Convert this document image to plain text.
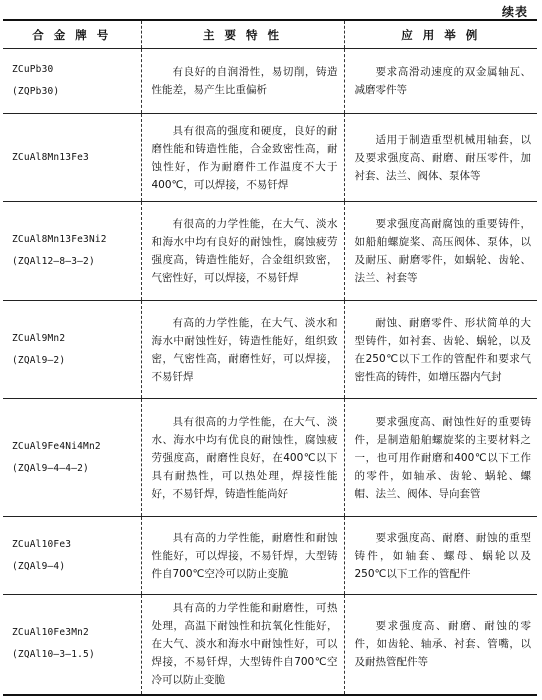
续表
合 金 牌 号	主 要 特 性	应 用 举 例

ZCuPb30
(ZQPb30)	有良好的自润滑性，易切削，铸造性能差，易产生比重偏析	要求高滑动速度的双金属轴瓦、减磨零件等

ZCuAl8Mn13Fe3	具有很高的强度和硬度，良好的耐磨性能和铸造性能，合金致密性高，耐蚀性好，作为耐磨件工作温度不大于400℃，可以焊接，不易钎焊	适用于制造重型机械用轴套，以及要求强度高、耐磨、耐压零件，加衬套、法兰、阀体、泵体等

ZCuAl8Mn13Fe3Ni2
(ZQAl12—8—3—2)	有很高的力学性能，在大气、淡水和海水中均有良好的耐蚀性，腐蚀疲劳强度高，铸造性能好，合金组织致密，气密性好，可以焊接，不易钎焊	要求强度高耐腐蚀的重要铸件，如船舶螺旋桨、高压阀体、泵体，以及耐压、耐磨零件，如蜗轮、齿轮、法兰、衬套等

ZCuAl9Mn2
(ZQAl9—2)	有高的力学性能，在大气、淡水和海水中耐蚀性好，铸造性能好，组织致密，气密性高，耐磨性好，可以焊接，不易钎焊	耐蚀、耐磨零件、形状简单的大型铸件，如衬套、齿轮、蜗轮，以及在250℃以下工作的管配件和要求气密性高的铸件，如增压器内气封

ZCuAl9Fe4Ni4Mn2
(ZQAl9—4—4—2)	具有很高的力学性能，在大气、淡水、海水中均有优良的耐蚀性，腐蚀疲劳强度高，耐磨性良好，在400℃以下具有耐热性，可以热处理，焊接性能好，不易钎焊，铸造性能尚好	要求强度高、耐蚀性好的重要铸件，是制造船舶螺旋桨的主要材料之一，也可用作耐磨和400℃以下工作的零件，如轴承、齿轮、蜗轮、螺帽、法兰、阀体、导向套管

ZCuAl10Fe3
(ZQAl9—4)	具有高的力学性能，耐磨性和耐蚀性能好，可以焊接，不易钎焊，大型铸件自700℃空冷可以防止变脆	要求强度高、耐磨、耐蚀的重型铸件，如轴套、螺母、蜗轮以及250℃以下工作的管配件

ZCuAl10Fe3Mn2
(ZQAl10—3—1.5)	具有高的力学性能和耐磨性，可热处理，高温下耐蚀性和抗氧化性能好，在大气、淡水和海水中耐蚀性好，可以焊接，不易钎焊，大型铸件自700℃空冷可以防止变脆	要求强度高、耐磨、耐蚀的零件，如齿轮、轴承、衬套、管嘴，以及耐热管配件等
